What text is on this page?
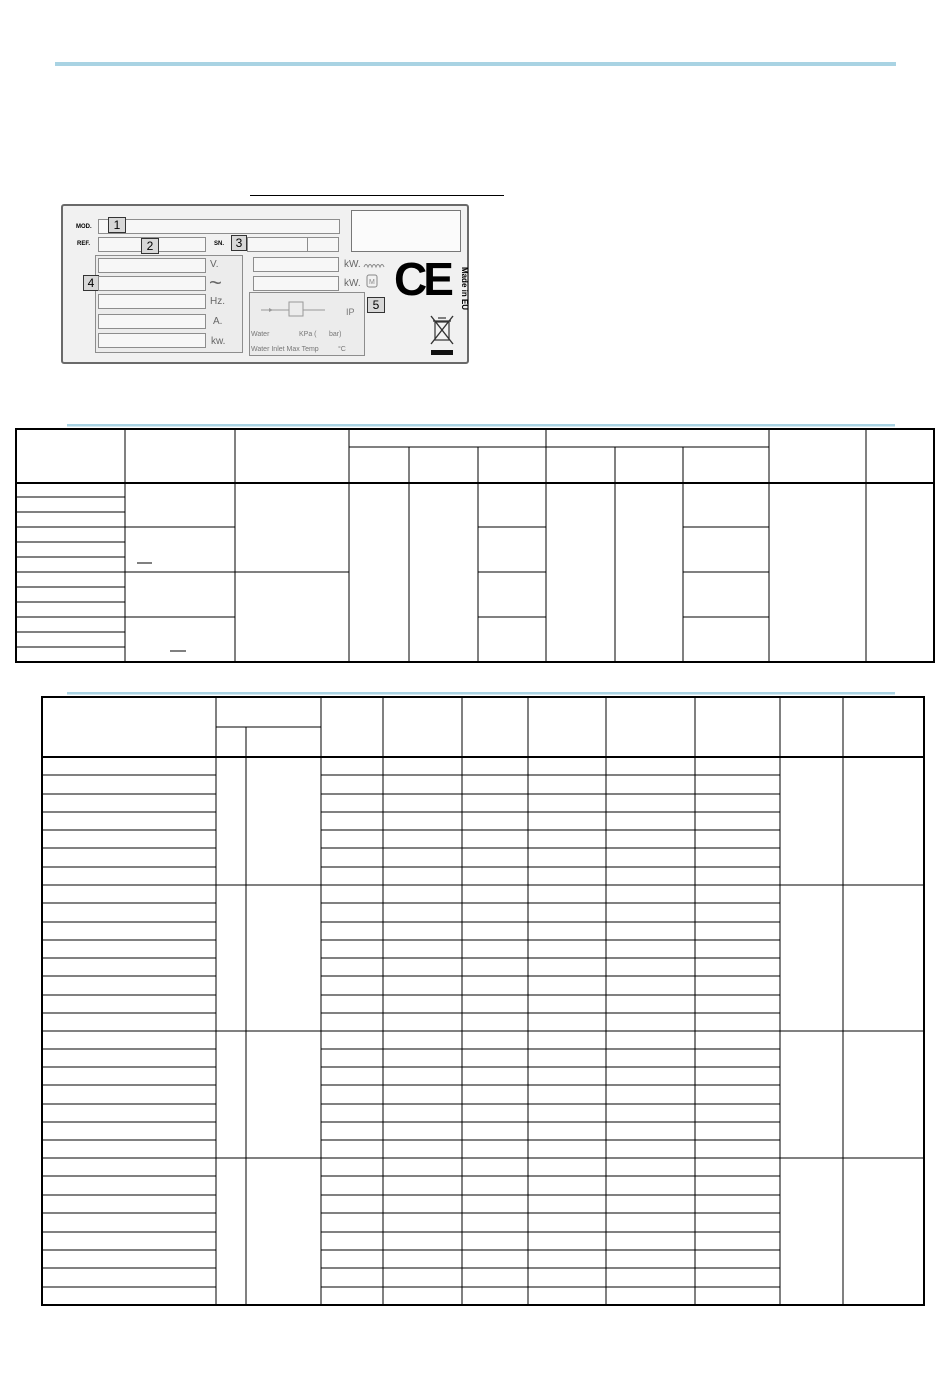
MOD.	1
REF.	2	SN. 3
V.
4	~
Hz.
A.
kw.
kW.
kW. M
IP	5
Water	KPa ( bar)
Water Inlet Max Temp	°C
CE Made in EU
